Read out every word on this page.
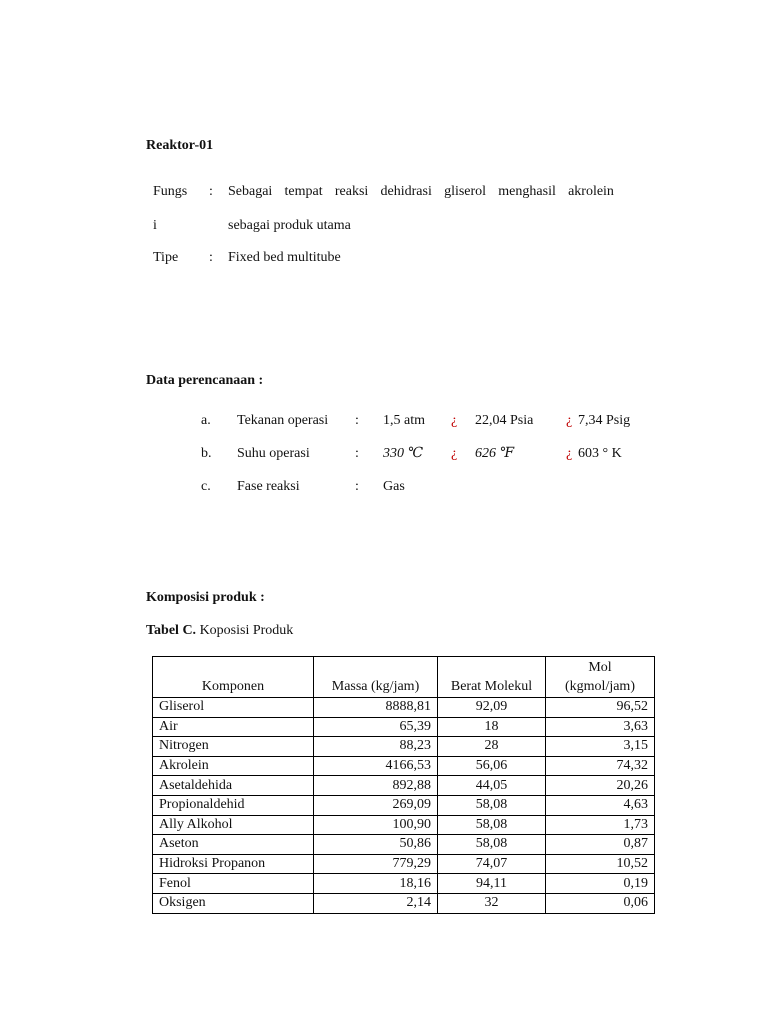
Reaktor-01
Fungs : Sebagai tempat reaksi dehidrasi gliserol menghasil akrolein
i	sebagai produk utama
Tipe : Fixed bed multitube
Data perencanaan :
a. Tekanan operasi : 1,5 atm ¿ 22,04 Psia ¿ 7,34 Psig
b. Suhu operasi	: 330 ℃ ¿ 626 ℉	¿ 603 ° K
c. Fase reaksi	: Gas
Komposisi produk :
Tabel C. Koposisi Produk
Komponen	Massa (kg/jam)	Berat Molekul	Mol
(kgmol/jam)
Gliserol	8888,81	92,09	96,52
Air	65,39	18	3,63
Nitrogen	88,23	28	3,15
Akrolein	4166,53	56,06	74,32
Asetaldehida	892,88	44,05	20,26
Propionaldehid	269,09	58,08	4,63
Ally Alkohol	100,90	58,08	1,73
Aseton	50,86	58,08	0,87
Hidroksi Propanon	779,29	74,07	10,52
Fenol	18,16	94,11	0,19
Oksigen	2,14	32	0,06
